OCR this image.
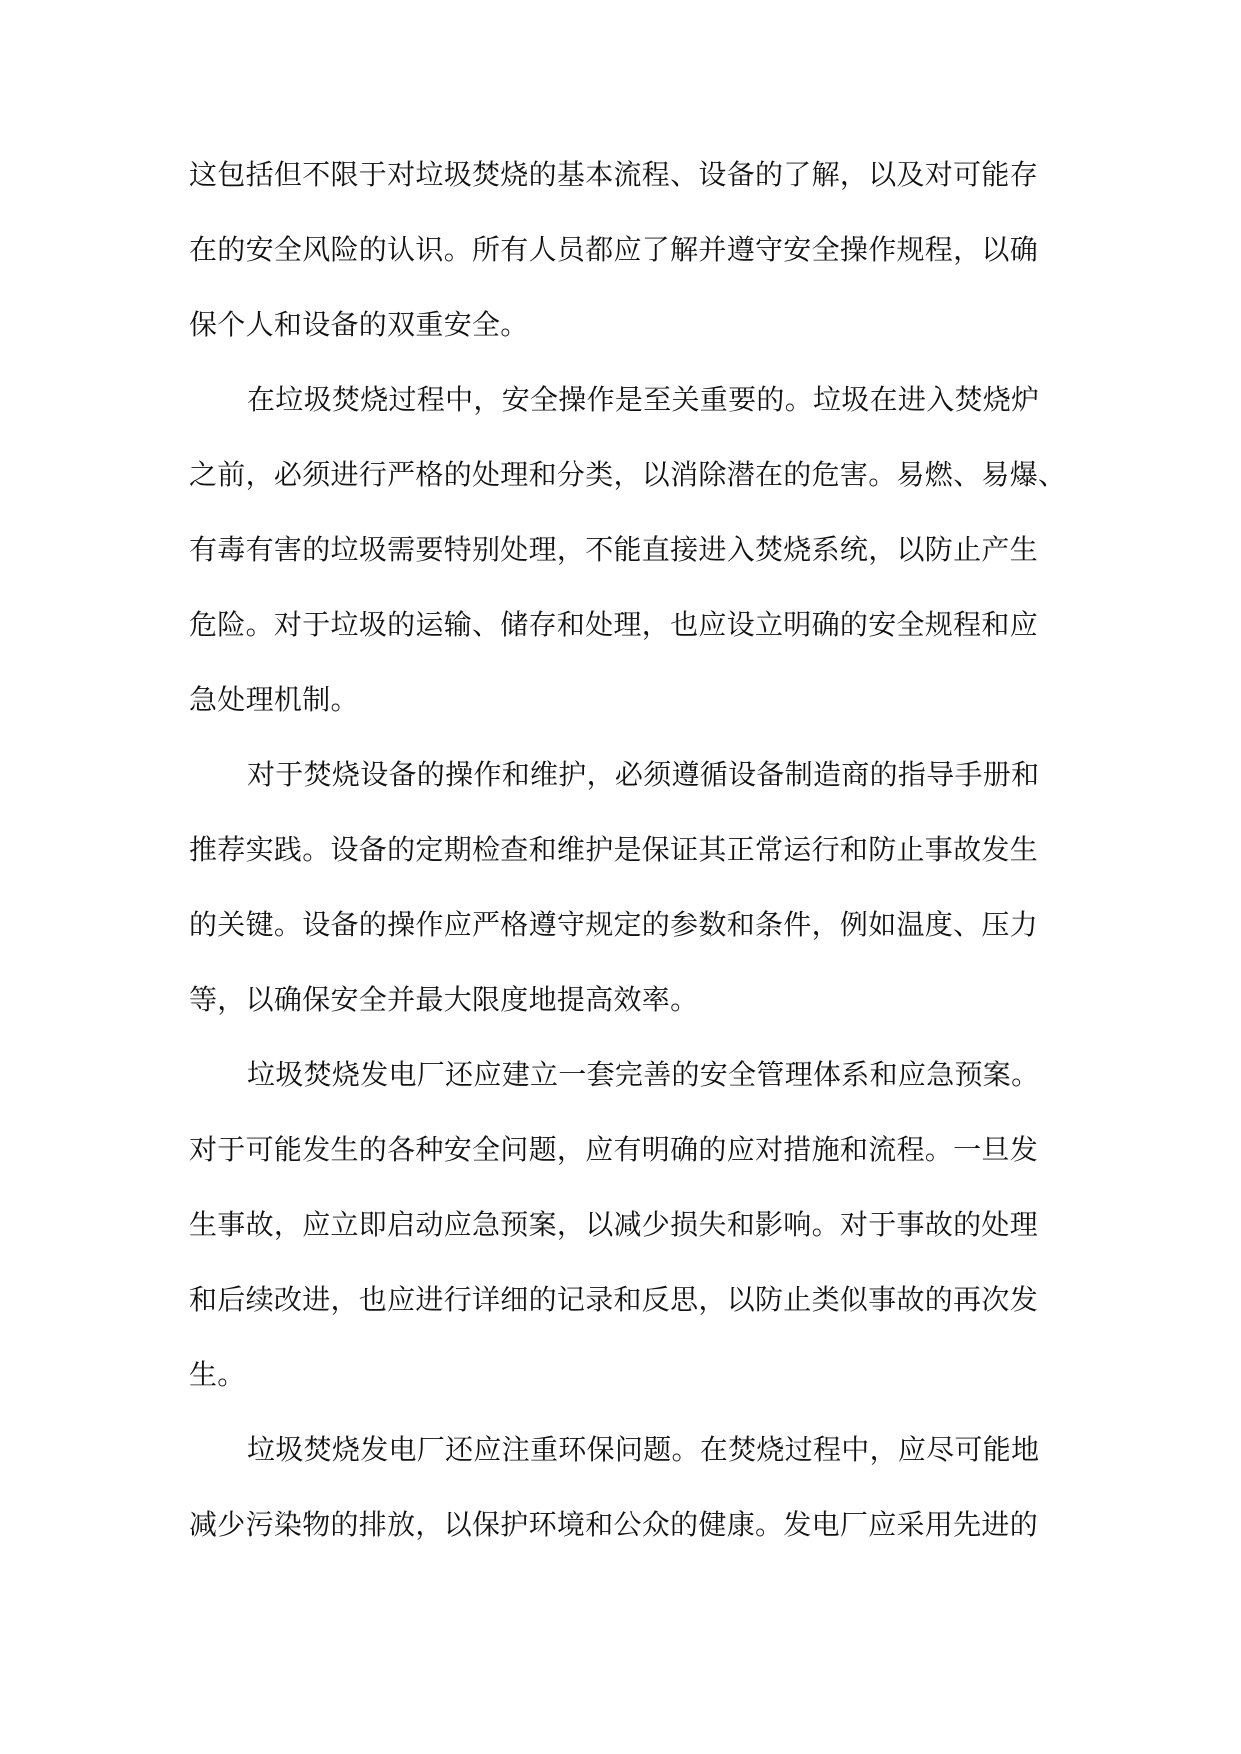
这包括但不限于对垃圾焚烧的基本流程、设备的了解，以及对可能存
在的安全风险的认识。所有人员都应了解并遵守安全操作规程，以确
保个人和设备的双重安全。
在垃圾焚烧过程中，安全操作是至关重要的。垃圾在进入焚烧炉
之前，必须进行严格的处理和分类，以消除潜在的危害。易燃、易爆、
有毒有害的垃圾需要特别处理，不能直接进入焚烧系统，以防止产生
危险。对于垃圾的运输、储存和处理，也应设立明确的安全规程和应
急处理机制。
对于焚烧设备的操作和维护，必须遵循设备制造商的指导手册和
推荐实践。设备的定期检查和维护是保证其正常运行和防止事故发生
的关键。设备的操作应严格遵守规定的参数和条件，例如温度、压力
等，以确保安全并最大限度地提高效率。
垃圾焚烧发电厂还应建立一套完善的安全管理体系和应急预案。
对于可能发生的各种安全问题，应有明确的应对措施和流程。一旦发
生事故，应立即启动应急预案，以减少损失和影响。对于事故的处理
和后续改进，也应进行详细的记录和反思，以防止类似事故的再次发
生。
垃圾焚烧发电厂还应注重环保问题。在焚烧过程中，应尽可能地
减少污染物的排放，以保护环境和公众的健康。发电厂应采用先进的
